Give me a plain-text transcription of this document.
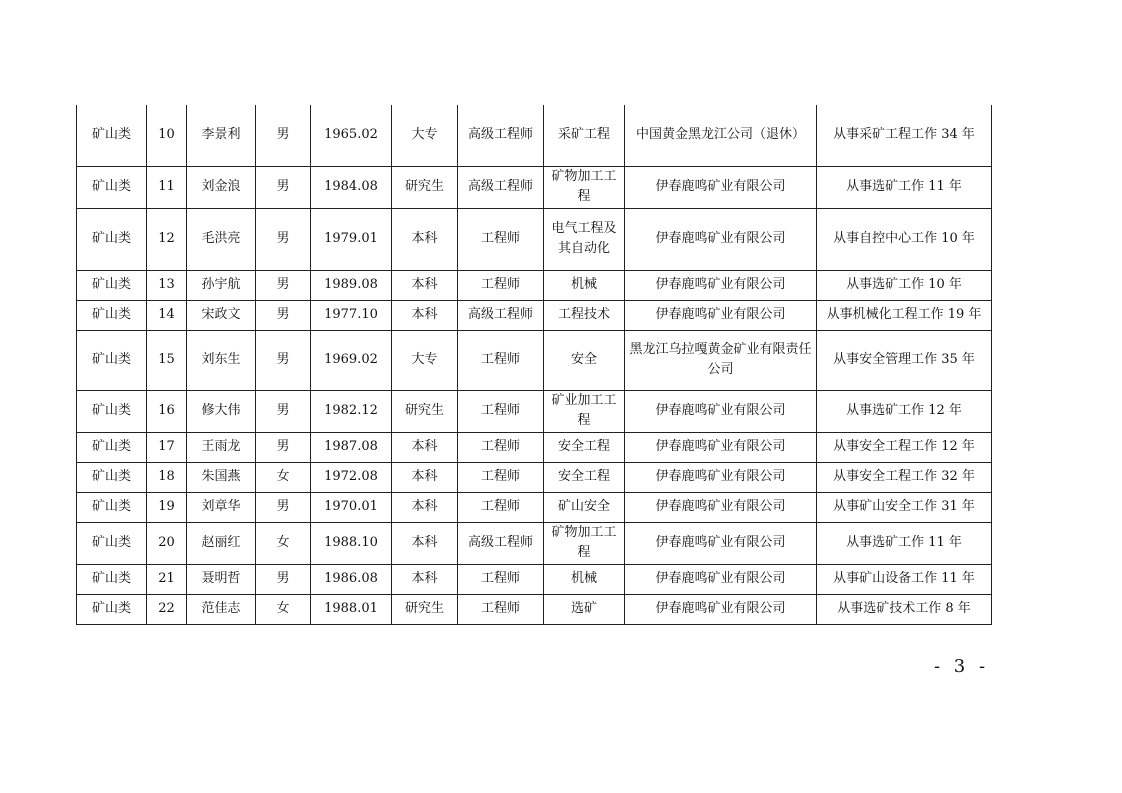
矿山类	10	李景利	男	1965.02	大专	高级工程师	采矿工程	中国黄金黑龙江公司（退休）	从事采矿工程工作 34 年
矿山类	11	刘金浪	男	1984.08	研究生	高级工程师	矿物加工工程	伊春鹿鸣矿业有限公司	从事选矿工作 11 年
矿山类	12	毛洪亮	男	1979.01	本科	工程师	电气工程及其自动化	伊春鹿鸣矿业有限公司	从事自控中心工作 10 年
矿山类	13	孙宇航	男	1989.08	本科	工程师	机械	伊春鹿鸣矿业有限公司	从事选矿工作 10 年
矿山类	14	宋政文	男	1977.10	本科	高级工程师	工程技术	伊春鹿鸣矿业有限公司	从事机械化工程工作 19 年
矿山类	15	刘东生	男	1969.02	大专	工程师	安全	黑龙江乌拉嘎黄金矿业有限责任公司	从事安全管理工作 35 年
矿山类	16	修大伟	男	1982.12	研究生	工程师	矿业加工工程	伊春鹿鸣矿业有限公司	从事选矿工作 12 年
矿山类	17	王雨龙	男	1987.08	本科	工程师	安全工程	伊春鹿鸣矿业有限公司	从事安全工程工作 12 年
矿山类	18	朱国燕	女	1972.08	本科	工程师	安全工程	伊春鹿鸣矿业有限公司	从事安全工程工作 32 年
矿山类	19	刘章华	男	1970.01	本科	工程师	矿山安全	伊春鹿鸣矿业有限公司	从事矿山安全工作 31 年
矿山类	20	赵丽红	女	1988.10	本科	高级工程师	矿物加工工程	伊春鹿鸣矿业有限公司	从事选矿工作 11 年
矿山类	21	聂明哲	男	1986.08	本科	工程师	机械	伊春鹿鸣矿业有限公司	从事矿山设备工作 11 年
矿山类	22	范佳志	女	1988.01	研究生	工程师	选矿	伊春鹿鸣矿业有限公司	从事选矿技术工作 8 年
- 3 -
